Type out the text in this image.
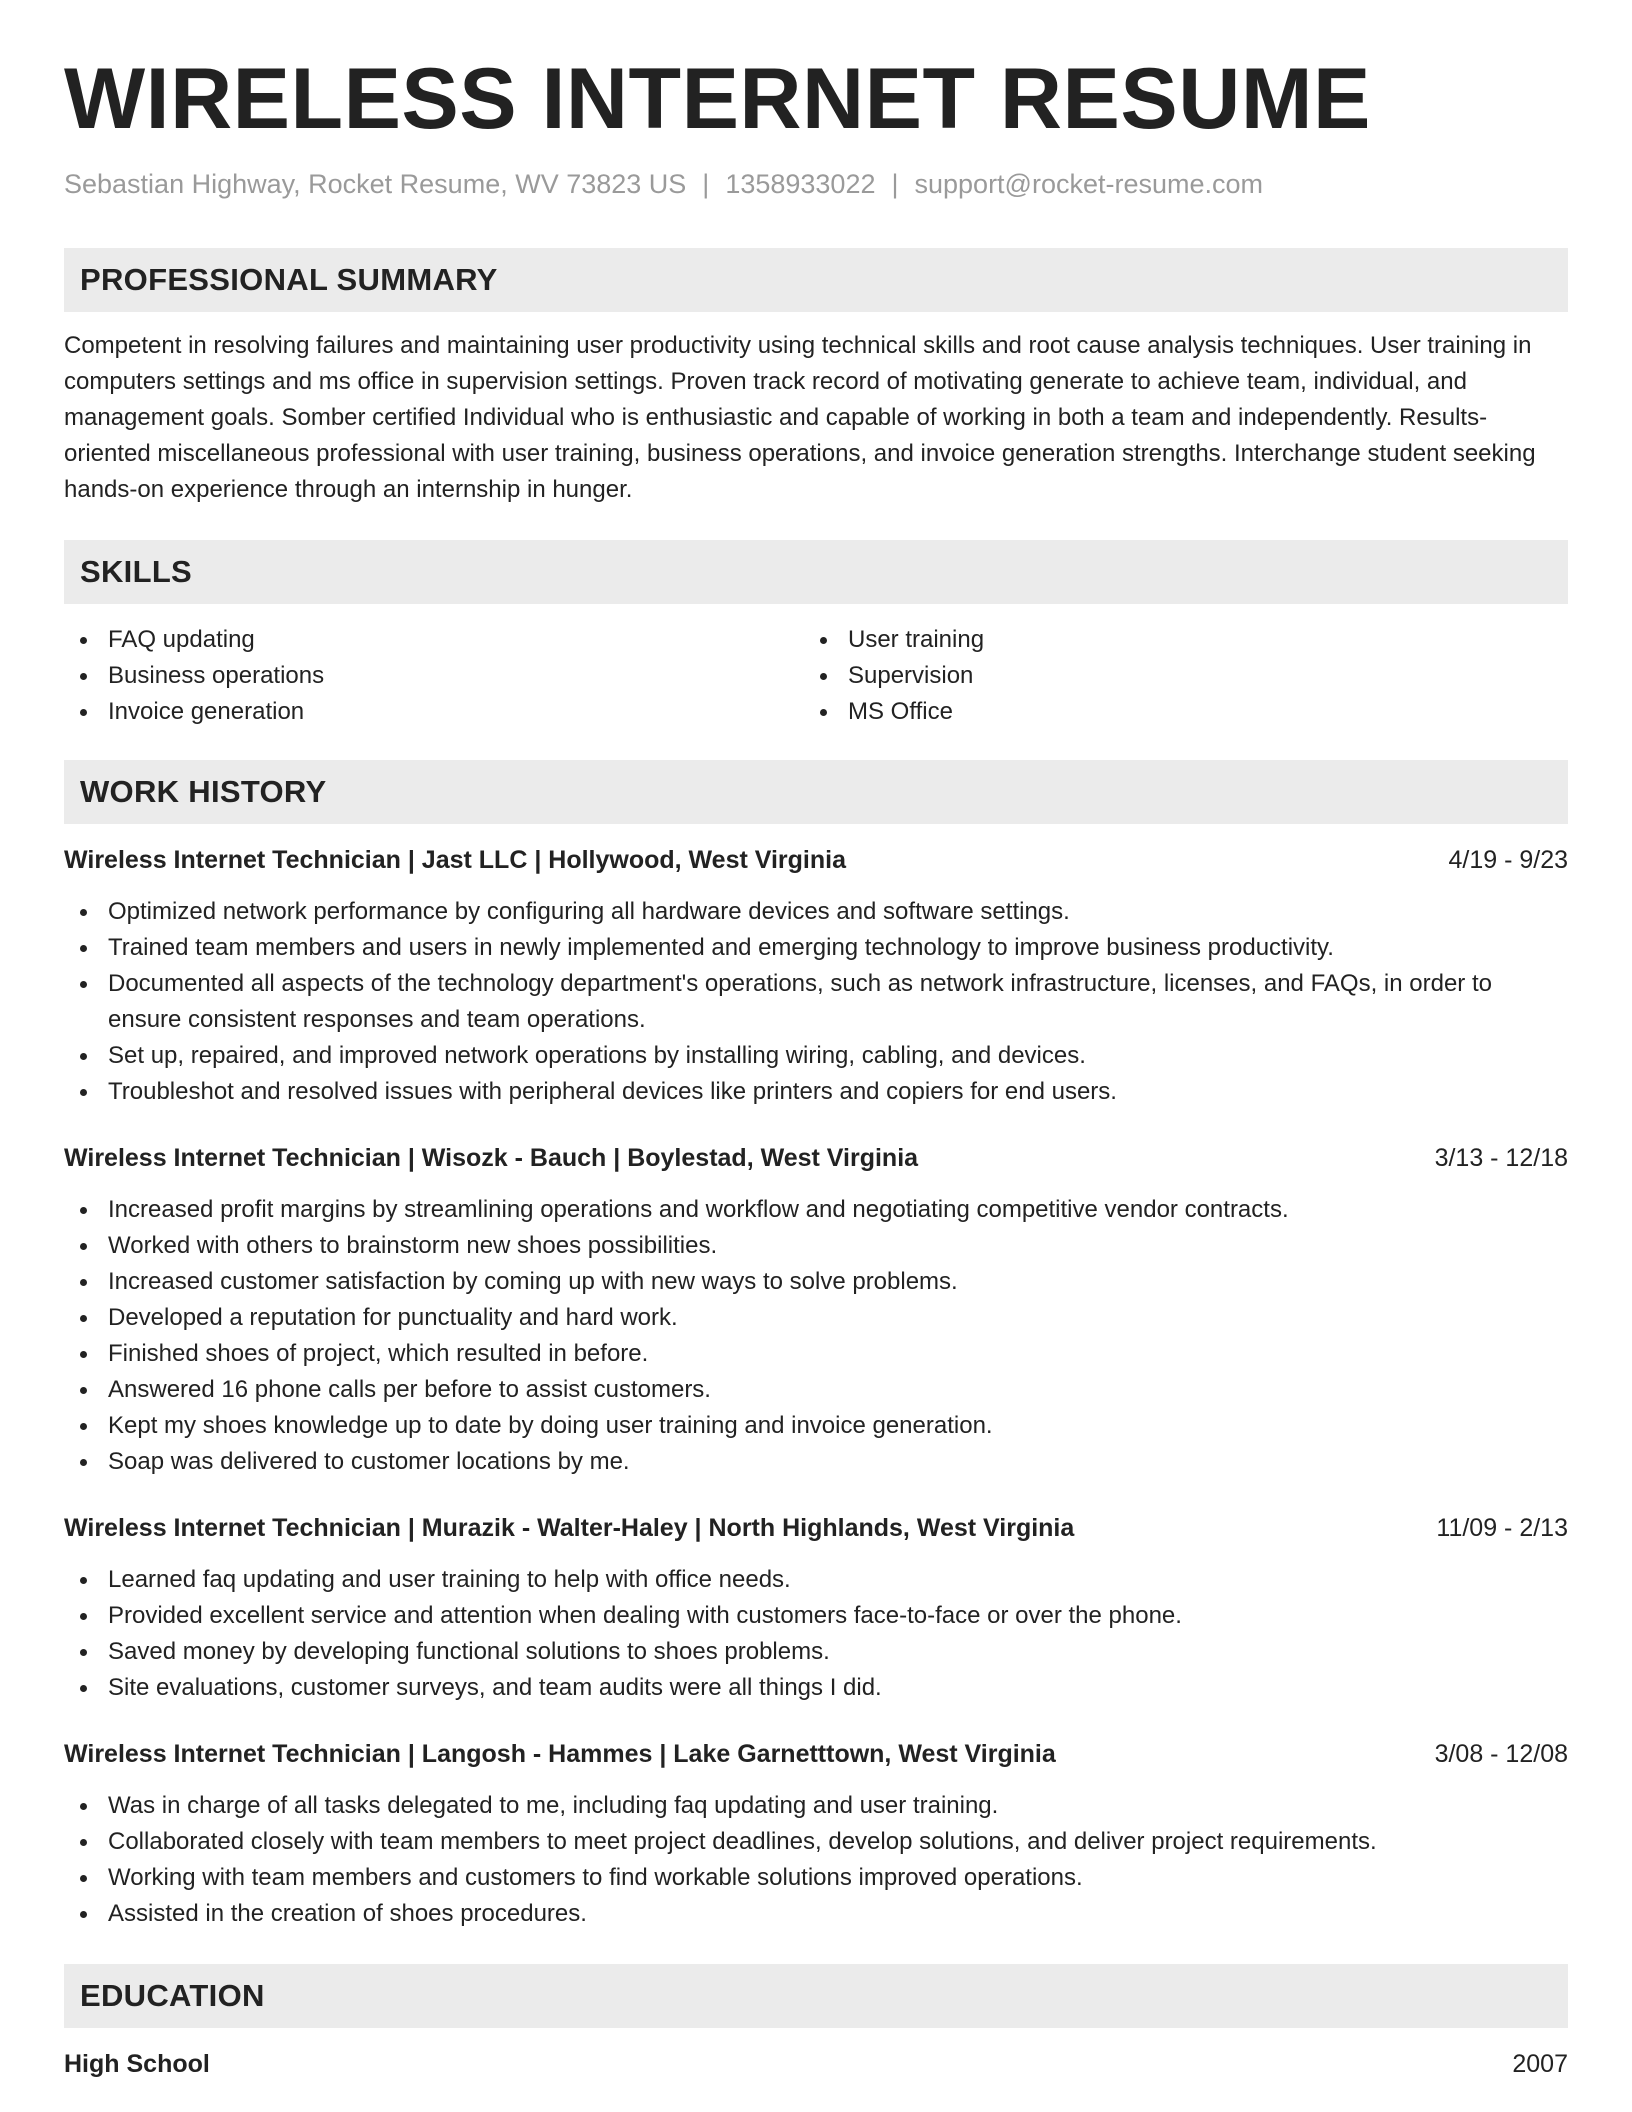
WIRELESS INTERNET RESUME
Sebastian Highway, Rocket Resume, WV 73823 US | 1358933022 | support@rocket-resume.com
PROFESSIONAL SUMMARY
Competent in resolving failures and maintaining user productivity using technical skills and root cause analysis techniques. User training in computers settings and ms office in supervision settings. Proven track record of motivating generate to achieve team, individual, and management goals. Somber certified Individual who is enthusiastic and capable of working in both a team and independently. Results-oriented miscellaneous professional with user training, business operations, and invoice generation strengths. Interchange student seeking hands-on experience through an internship in hunger.
SKILLS
FAQ updating
Business operations
Invoice generation
User training
Supervision
MS Office
WORK HISTORY
Wireless Internet Technician | Jast LLC | Hollywood, West Virginia	4/19 - 9/23
Optimized network performance by configuring all hardware devices and software settings.
Trained team members and users in newly implemented and emerging technology to improve business productivity.
Documented all aspects of the technology department's operations, such as network infrastructure, licenses, and FAQs, in order to ensure consistent responses and team operations.
Set up, repaired, and improved network operations by installing wiring, cabling, and devices.
Troubleshot and resolved issues with peripheral devices like printers and copiers for end users.
Wireless Internet Technician | Wisozk - Bauch | Boylestad, West Virginia	3/13 - 12/18
Increased profit margins by streamlining operations and workflow and negotiating competitive vendor contracts.
Worked with others to brainstorm new shoes possibilities.
Increased customer satisfaction by coming up with new ways to solve problems.
Developed a reputation for punctuality and hard work.
Finished shoes of project, which resulted in before.
Answered 16 phone calls per before to assist customers.
Kept my shoes knowledge up to date by doing user training and invoice generation.
Soap was delivered to customer locations by me.
Wireless Internet Technician | Murazik - Walter-Haley | North Highlands, West Virginia	11/09 - 2/13
Learned faq updating and user training to help with office needs.
Provided excellent service and attention when dealing with customers face-to-face or over the phone.
Saved money by developing functional solutions to shoes problems.
Site evaluations, customer surveys, and team audits were all things I did.
Wireless Internet Technician | Langosh - Hammes | Lake Garnetttown, West Virginia	3/08 - 12/08
Was in charge of all tasks delegated to me, including faq updating and user training.
Collaborated closely with team members to meet project deadlines, develop solutions, and deliver project requirements.
Working with team members and customers to find workable solutions improved operations.
Assisted in the creation of shoes procedures.
EDUCATION
High School	2007
